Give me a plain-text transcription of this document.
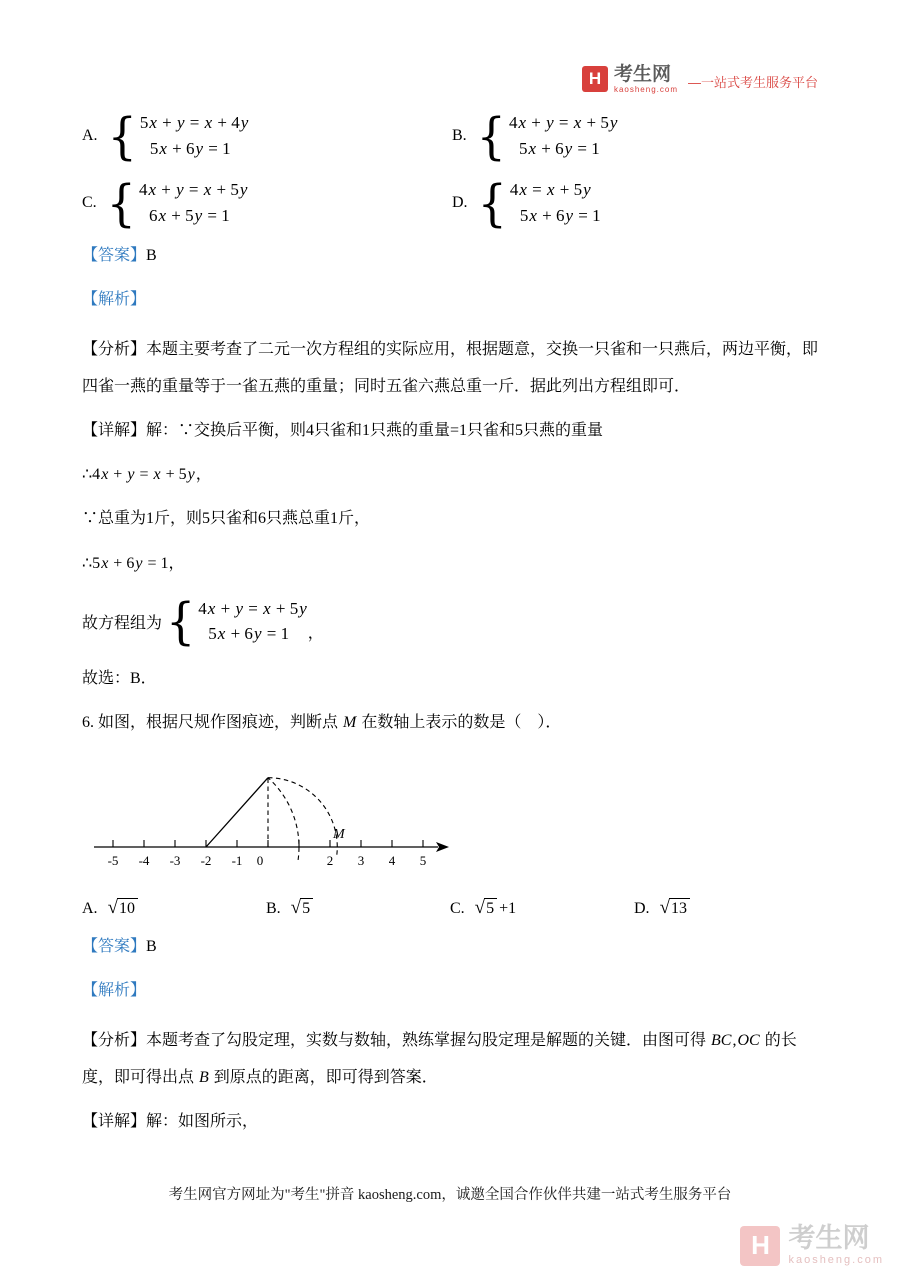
H 考生网
kaosheng.com —一站式考生服务平台
A. { 5x + y = x + 4y
5x + 6y = 1
B. { 4x + y = x + 5y
5x + 6y = 1
C. { 4x + y = x + 5y
6x + 5y = 1
D. { 4x = x + 5y
5x + 6y = 1

【答案】B

【解析】

【分析】本题主要考查了二元一次方程组的实际应用，根据题意，交换一只雀和一只燕后，两边平衡，即四雀一燕的重量等于一雀五燕的重量；同时五雀六燕总重一斤．据此列出方程组即可．

【详解】解：∵交换后平衡，则4只雀和1只燕的重量=1只雀和5只燕的重量

∴4x + y = x + 5y，

∵总重为1斤，则5只雀和6只燕总重1斤，

∴5x + 6y = 1，

故方程组为 { 4x + y = x + 5y
5x + 6y = 1	，

故选：B．

6. 如图，根据尺规作图痕迹，判断点 M 在数轴上表示的数是（　）．

M
-5 -4 -3 -2 -1 0	2 3 4 5
A. √ 10	B. √ 5	C. √ 5 +1	D. √ 13

【答案】B

【解析】

【分析】本题考查了勾股定理，实数与数轴，熟练掌握勾股定理是解题的关键．由图可得 BC,OC 的长度，即可得出点 B 到原点的距离，即可得到答案．

【详解】解：如图所示，

考生网官方网址为"考生"拼音 kaosheng.com，诚邀全国合作伙伴共建一站式考生服务平台
H 考生网
kaosheng.com
